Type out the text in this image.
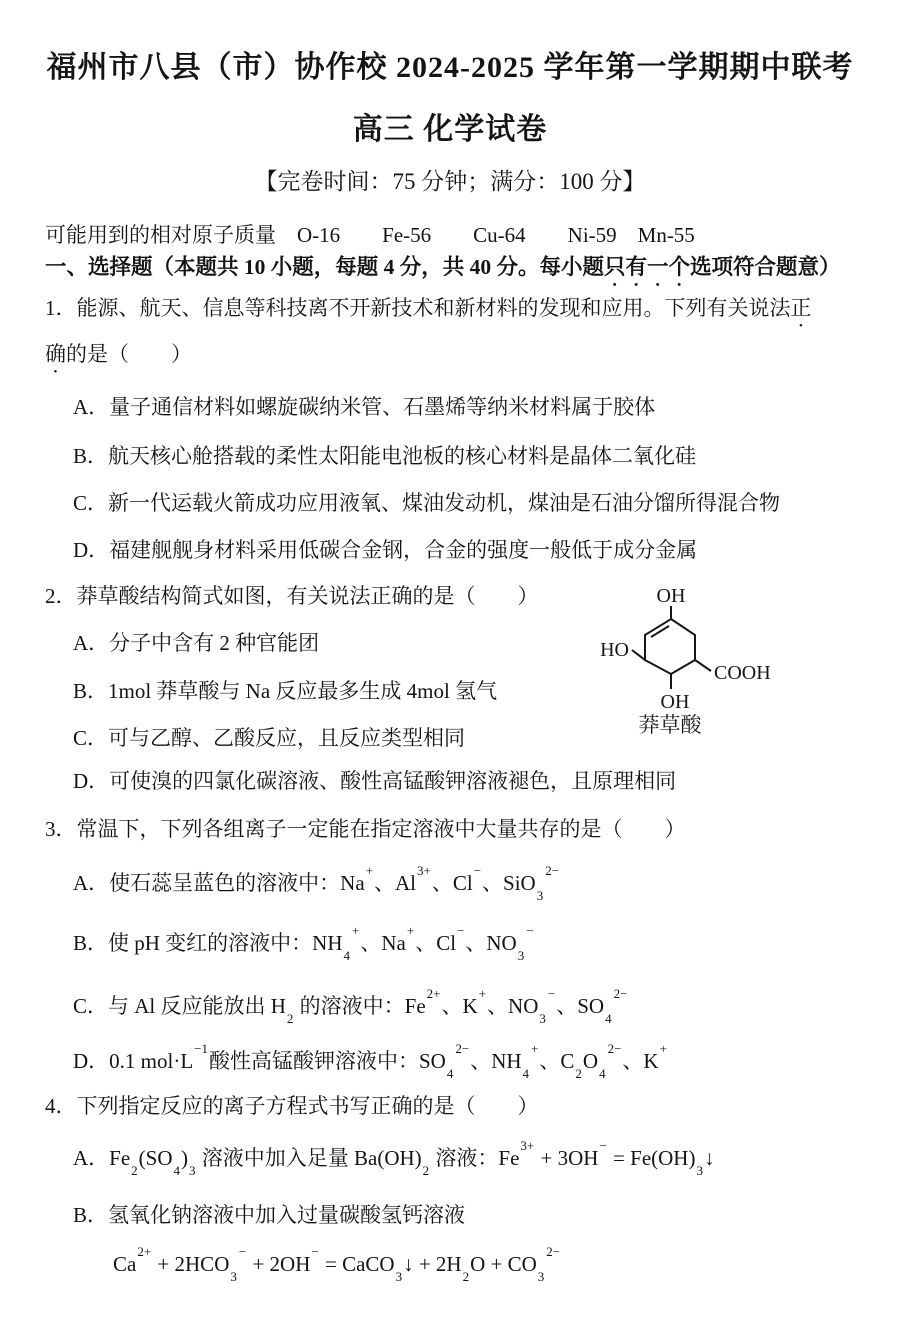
福州市八县（市）协作校 2024-2025 学年第一学期期中联考
高三 化学试卷
【完卷时间：75 分钟；满分：100 分】
可能用到的相对原子质量　O-16　　Fe-56　　Cu-64　　Ni-59　Mn-55
一、选择题（本题共 10 小题，每题 4 分，共 40 分。每小题只有一个选项符合题意）
1．能源、航天、信息等科技离不开新技术和新材料的发现和应用。下列有关说法正
确的是（　　）
A．量子通信材料如螺旋碳纳米管、石墨烯等纳米材料属于胶体
B．航天核心舱搭载的柔性太阳能电池板的核心材料是晶体二氧化硅
C．新一代运载火箭成功应用液氧、煤油发动机，煤油是石油分馏所得混合物
D．福建舰舰身材料采用低碳合金钢，合金的强度一般低于成分金属
2．莽草酸结构简式如图，有关说法正确的是（　　）
A．分子中含有 2 种官能团
B．1mol 莽草酸与 Na 反应最多生成 4mol 氢气
C．可与乙醇、乙酸反应，且反应类型相同
D．可使溴的四氯化碳溶液、酸性高锰酸钾溶液褪色，且原理相同
OH
HO
COOH
OH
莽草酸
3．常温下，下列各组离子一定能在指定溶液中大量共存的是（　　）
A．使石蕊呈蓝色的溶液中：Na+、$Al^{3+}$、Cl−、SiO$_3^{2-}$
B．使 pH 变红的溶液中：$NH_4^+$、Na+、Cl−、$NO_3^-$
C．与 Al 反应能放出 $H_2$ 的溶液中：$Fe^{2+}$、K+、$NO_3^-$、$SO_4^{2-}$
D．0.1 $mol\cdot L^{-1}$酸性高锰酸钾溶液中：$SO_4^{2-}$、$NH_4^+$、$C_2O_4^{2-}$、K+
4．下列指定反应的离子方程式书写正确的是（　　）
A．$Fe_2(SO_4)_3$ 溶液中加入足量 $Ba(OH)_2$ 溶液：$Fe^{3+} + 3OH^-$ = $Fe(OH)_3↓$
B．氢氧化钠溶液中加入过量碳酸氢钙溶液
$Ca^{2+} + 2HCO_3^- + 2OH^-$ = CaCO$_3$↓ + $2H_2O + CO_3^{2-}$
